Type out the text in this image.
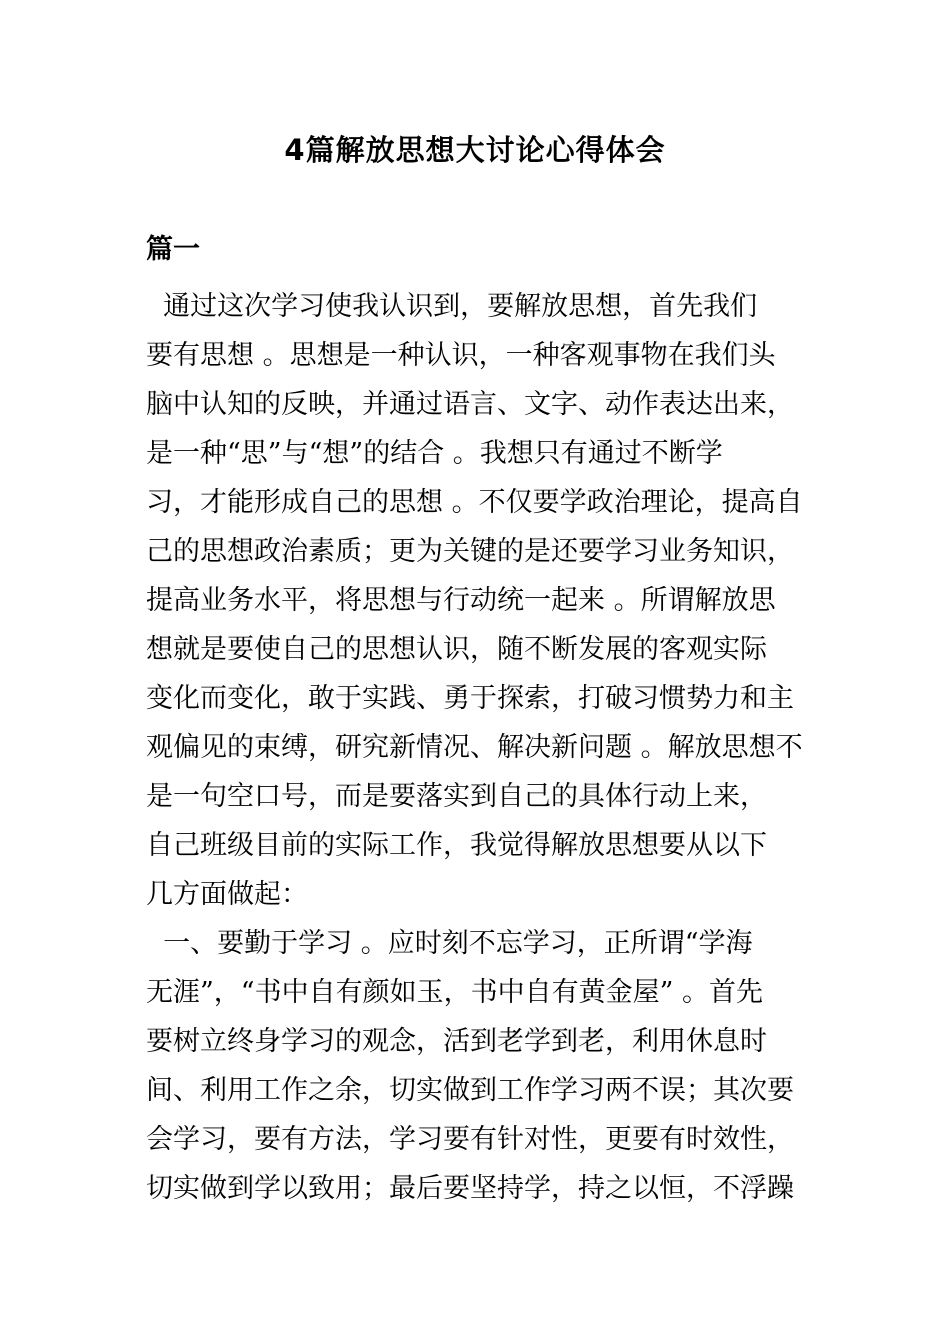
4篇解放思想大讨论心得体会
篇一
通过这次学习使我认识到，要解放思想，首先我们
要有思想 。思想是一种认识，一种客观事物在我们头
脑中认知的反映，并通过语言、文字、动作表达出来，
是一种“思”与“想”的结合 。我想只有通过不断学
习，才能形成自己的思想 。不仅要学政治理论，提高自
己的思想政治素质；更为关键的是还要学习业务知识，
提高业务水平，将思想与行动统一起来 。所谓解放思
想就是要使自己的思想认识，随不断发展的客观实际
变化而变化，敢于实践、勇于探索，打破习惯势力和主
观偏见的束缚，研究新情况、解决新问题 。解放思想不
是一句空口号，而是要落实到自己的具体行动上来，
自己班级目前的实际工作，我觉得解放思想要从以下
几方面做起：
一、要勤于学习 。应时刻不忘学习，正所谓“学海
无涯”，“书中自有颜如玉，书中自有黄金屋” 。首先
要树立终身学习的观念，活到老学到老，利用休息时
间、利用工作之余，切实做到工作学习两不误；其次要
会学习，要有方法，学习要有针对性，更要有时效性，
切实做到学以致用；最后要坚持学，持之以恒，不浮躁
